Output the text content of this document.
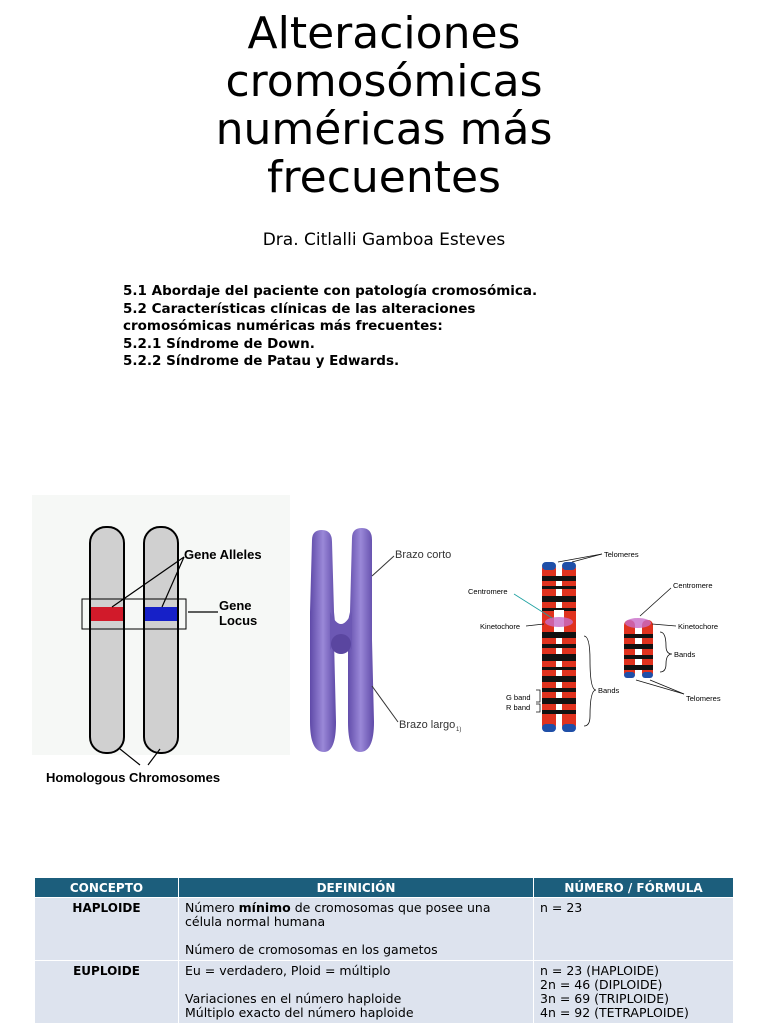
Alteraciones
cromosómicas
numéricas más
frecuentes
Dra. Citlalli Gamboa Esteves
5.1 Abordaje del paciente con patología cromosómica.
5.2 Características clínicas de las alteraciones
cromosómicas numéricas más frecuentes:
5.2.1 Síndrome de Down.
5.2.2 Síndrome de Patau y Edwards.
Gene Alleles
Gene
Locus
Homologous Chromosomes
Brazo corto
Brazo largo 1)
Telomeres
Centromere
Kinetochore
G band
R band
Bands
Centromere
Kinetochore
Bands
Telomeres
CONCEPTO	DEFINICIÓN	NÚMERO / FÓRMULA
HAPLOIDE	Número mínimo de cromosomas que posee una
célula normal humana
Número de cromosomas en los gametos	n = 23
EUPLOIDE	Eu = verdadero, Ploid = múltiplo
Variaciones en el número haploide
Múltiplo exacto del número haploide	n = 23 (HAPLOIDE)
2n = 46 (DIPLOIDE)
3n = 69 (TRIPLOIDE)
4n = 92 (TETRAPLOIDE)
